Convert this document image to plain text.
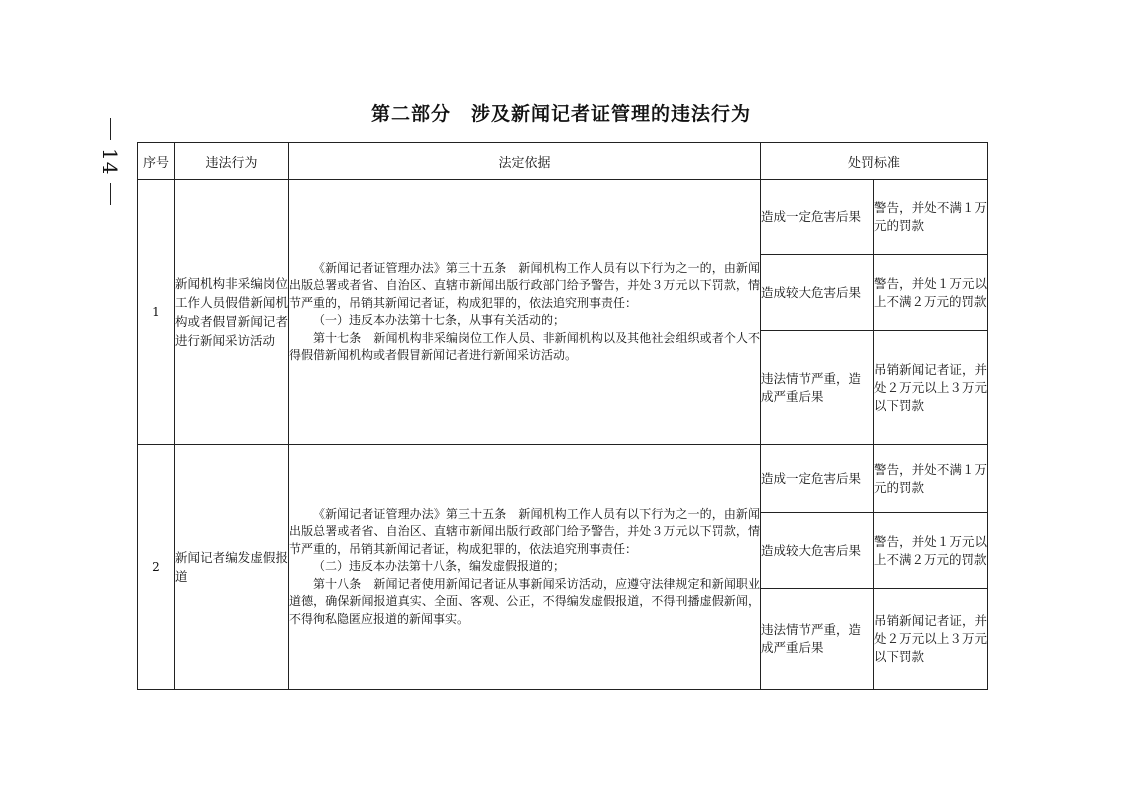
14
第二部分　涉及新闻记者证管理的违法行为
序号	违法行为	法定依据	处罚标准	
1	新闻机构非采编岗位工作人员假借新闻机构或者假冒新闻记者进行新闻采访活动	《新闻记者证管理办法》第三十五条　新闻机构工作人员有以下行为之一的，由新闻出版总署或者省、自治区、直辖市新闻出版行政部门给予警告，并处３万元以下罚款，情节严重的，吊销其新闻记者证，构成犯罪的，依法追究刑事责任：

（一）违反本办法第十七条，从事有关活动的；

第十七条　新闻机构非采编岗位工作人员、非新闻机构以及其他社会组织或者个人不得假借新闻机构或者假冒新闻记者进行新闻采访活动。	造成一定危害后果	警告，并处不满１万元的罚款
			造成较大危害后果	警告，并处１万元以上不满２万元的罚款
			违法情节严重，造成严重后果	吊销新闻记者证，并处２万元以上３万元以下罚款
2	新闻记者编发虚假报道	《新闻记者证管理办法》第三十五条　新闻机构工作人员有以下行为之一的，由新闻出版总署或者省、自治区、直辖市新闻出版行政部门给予警告，并处３万元以下罚款，情节严重的，吊销其新闻记者证，构成犯罪的，依法追究刑事责任：

（二）违反本办法第十八条，编发虚假报道的；

第十八条　新闻记者使用新闻记者证从事新闻采访活动，应遵守法律规定和新闻职业道德，确保新闻报道真实、全面、客观、公正，不得编发虚假报道，不得刊播虚假新闻，不得徇私隐匿应报道的新闻事实。	造成一定危害后果	警告，并处不满１万元的罚款
			造成较大危害后果	警告，并处１万元以上不满２万元的罚款
			违法情节严重，造成严重后果	吊销新闻记者证，并处２万元以上３万元以下罚款
